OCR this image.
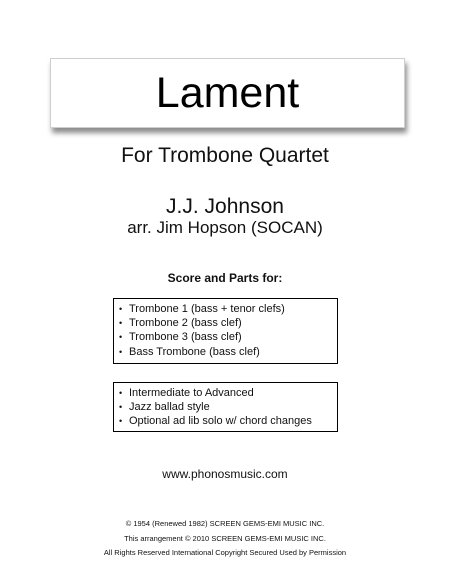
Lament
For Trombone Quartet
J.J. Johnson
arr. Jim Hopson (SOCAN)
Score and Parts for:
• Trombone 1 (bass + tenor clefs)
• Trombone 2 (bass clef)
• Trombone 3 (bass clef)
• Bass Trombone (bass clef)
• Intermediate to Advanced
• Jazz ballad style
• Optional ad lib solo w/ chord changes
www.phonosmusic.com
© 1954 (Renewed 1982) SCREEN GEMS-EMI MUSIC INC.
This arrangement © 2010 SCREEN GEMS-EMI MUSIC INC.
All Rights Reserved International Copyright Secured Used by Permission
